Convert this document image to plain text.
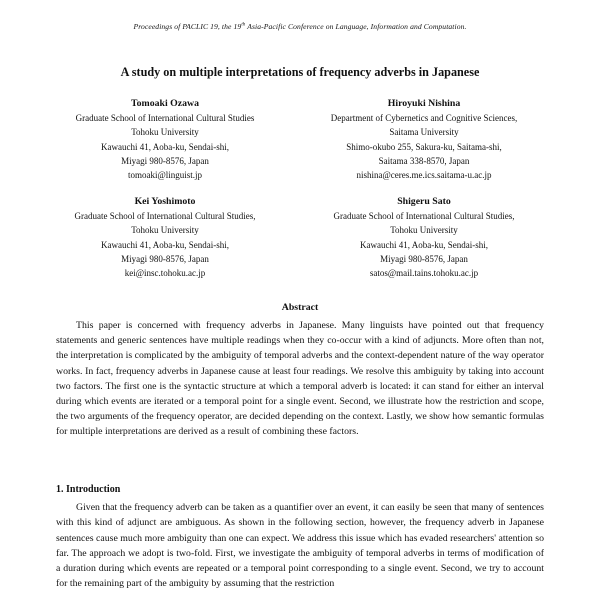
Proceedings of PACLIC 19, the 19th Asia-Pacific Conference on Language, Information and Computation.
A study on multiple interpretations of frequency adverbs in Japanese
Tomoaki Ozawa
Graduate School of International Cultural Studies
Tohoku University
Kawauchi 41, Aoba-ku, Sendai-shi,
Miyagi 980-8576, Japan
tomoaki@linguist.jp
Hiroyuki Nishina
Department of Cybernetics and Cognitive Sciences,
Saitama University
Shimo-okubo 255, Sakura-ku, Saitama-shi,
Saitama 338-8570, Japan
nishina@ceres.me.ics.saitama-u.ac.jp
Kei Yoshimoto
Graduate School of International Cultural Studies,
Tohoku University
Kawauchi 41, Aoba-ku, Sendai-shi,
Miyagi 980-8576, Japan
kei@insc.tohoku.ac.jp
Shigeru Sato
Graduate School of International Cultural Studies,
Tohoku University
Kawauchi 41, Aoba-ku, Sendai-shi,
Miyagi 980-8576, Japan
satos@mail.tains.tohoku.ac.jp
Abstract

This paper is concerned with frequency adverbs in Japanese. Many linguists have pointed out that frequency statements and generic sentences have multiple readings when they co-occur with a kind of adjuncts. More often than not, the interpretation is complicated by the ambiguity of temporal adverbs and the context-dependent nature of the way operator works. In fact, frequency adverbs in Japanese cause at least four readings. We resolve this ambiguity by taking into account two factors. The first one is the syntactic structure at which a temporal adverb is located: it can stand for either an interval during which events are iterated or a temporal point for a single event. Second, we illustrate how the restriction and scope, the two arguments of the frequency operator, are decided depending on the context. Lastly, we show how semantic formulas for multiple interpretations are derived as a result of combining these factors.

1. Introduction

Given that the frequency adverb can be taken as a quantifier over an event, it can easily be seen that many of sentences with this kind of adjunct are ambiguous. As shown in the following section, however, the frequency adverb in Japanese sentences cause much more ambiguity than one can expect. We address this issue which has evaded researchers' attention so far. The approach we adopt is two-fold. First, we investigate the ambiguity of temporal adverbs in terms of modification of a duration during which events are repeated or a temporal point corresponding to a single event. Second, we try to account for the remaining part of the ambiguity by assuming that the restriction
